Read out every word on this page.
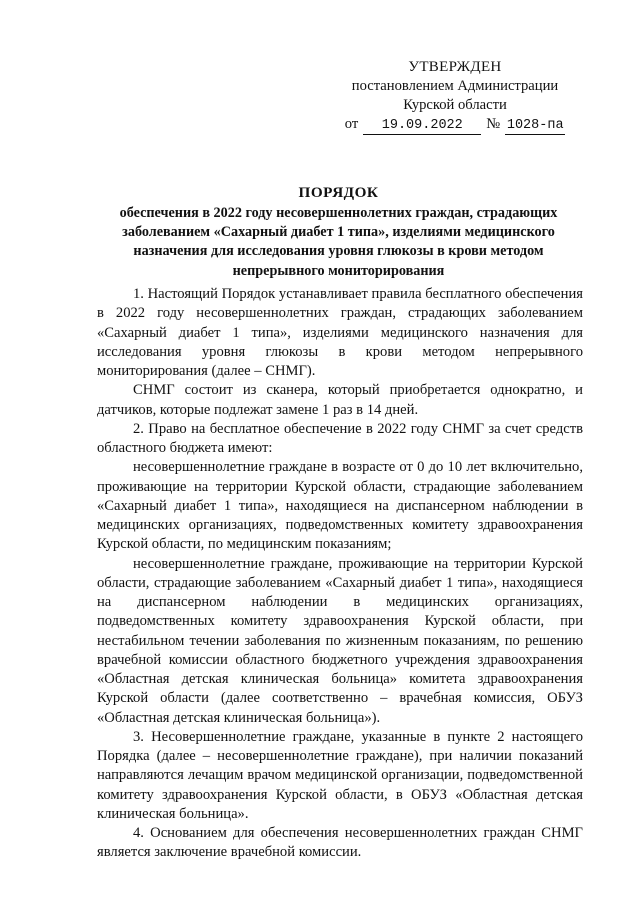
УТВЕРЖДЕН
постановлением Администрации
Курской области
от	19.09.2022	№ 1028-па
ПОРЯДОК
обеспечения в 2022 году несовершеннолетних граждан, страдающих заболеванием «Сахарный диабет 1 типа», изделиями медицинского назначения для исследования уровня глюкозы в крови методом непрерывного мониторирования

1. Настоящий Порядок устанавливает правила бесплатного обеспечения в 2022 году несовершеннолетних граждан, страдающих заболеванием «Сахарный диабет 1 типа», изделиями медицинского назначения для исследования уровня глюкозы в крови методом непрерывного мониторирования (далее – СНМГ).

СНМГ состоит из сканера, который приобретается однократно, и датчиков, которые подлежат замене 1 раз в 14 дней.

2. Право на бесплатное обеспечение в 2022 году СНМГ за счет средств областного бюджета имеют:

несовершеннолетние граждане в возрасте от 0 до 10 лет включительно, проживающие на территории Курской области, страдающие заболеванием «Сахарный диабет 1 типа», находящиеся на диспансерном наблюдении в медицинских организациях, подведомственных комитету здравоохранения Курской области, по медицинским показаниям;

несовершеннолетние граждане, проживающие на территории Курской области, страдающие заболеванием «Сахарный диабет 1 типа», находящиеся на диспансерном наблюдении в медицинских организациях, подведомственных комитету здравоохранения Курской области, при нестабильном течении заболевания по жизненным показаниям, по решению врачебной комиссии областного бюджетного учреждения здравоохранения «Областная детская клиническая больница» комитета здравоохранения Курской области (далее соответственно – врачебная комиссия, ОБУЗ «Областная детская клиническая больница»).

3. Несовершеннолетние граждане, указанные в пункте 2 настоящего Порядка (далее – несовершеннолетние граждане), при наличии показаний направляются лечащим врачом медицинской организации, подведомственной комитету здравоохранения Курской области, в ОБУЗ «Областная детская клиническая больница».

4. Основанием для обеспечения несовершеннолетних граждан СНМГ является заключение врачебной комиссии.
